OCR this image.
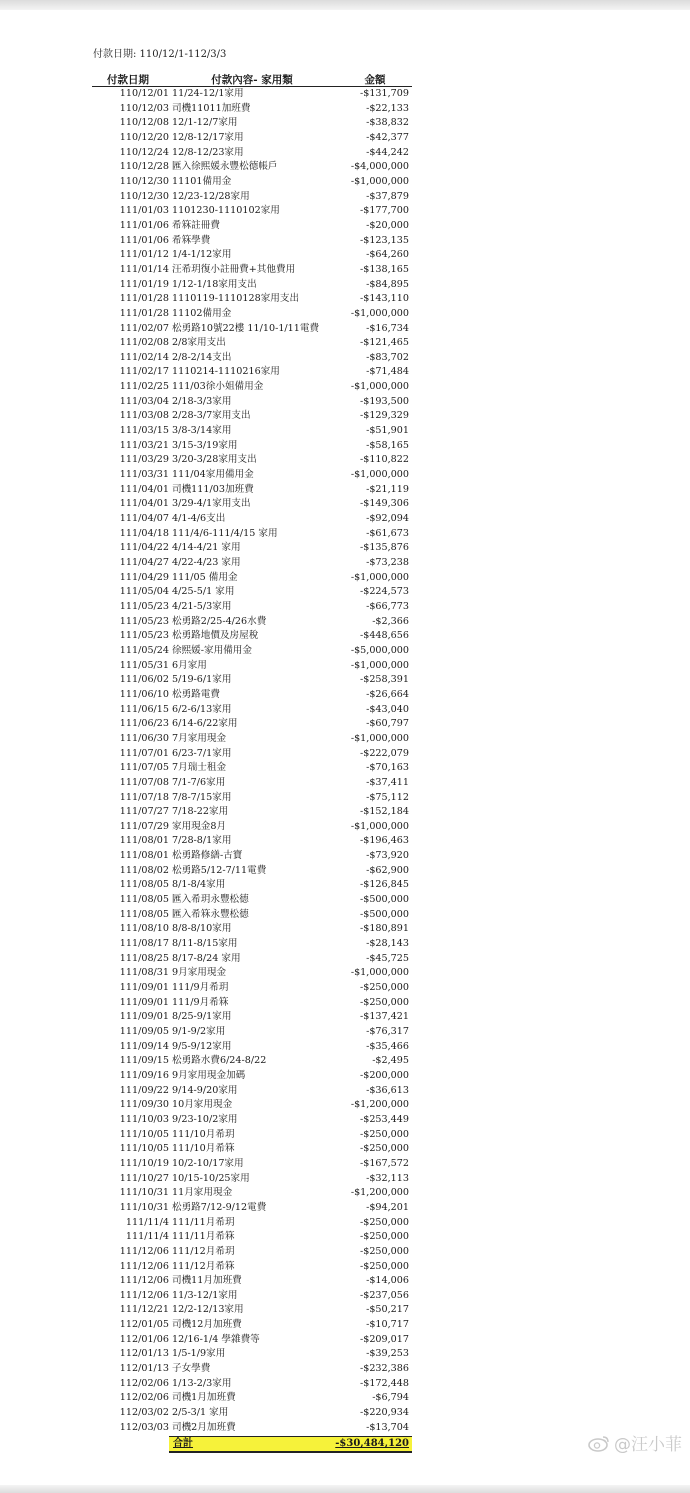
付款日期: 110/12/1-112/3/3
付款日期	付款內容- 家用類	金額
110/12/01 11/24-12/1家用	-$131,709
110/12/03 司機11011加班費	-$22,133
110/12/08 12/1-12/7家用	-$38,832
110/12/20 12/8-12/17家用	-$42,377
110/12/24 12/8-12/23家用	-$44,242
110/12/28 匯入徐熙媛永豐松德帳戶	-$4,000,000
110/12/30 11101備用金	-$1,000,000
110/12/30 12/23-12/28家用	-$37,879
111/01/03 1101230-1110102家用	-$177,700
111/01/06 希箖註冊費	-$20,000
111/01/06 希箖學費	-$123,135
111/01/12 1/4-1/12家用	-$64,260
111/01/14 汪希玥復小註冊費+其他費用	-$138,165
111/01/19 1/12-1/18家用支出	-$84,895
111/01/28 1110119-1110128家用支出	-$143,110
111/01/28 11102備用金	-$1,000,000
111/02/07 松勇路10號22樓 11/10-1/11電費	-$16,734
111/02/08 2/8家用支出	-$121,465
111/02/14 2/8-2/14支出	-$83,702
111/02/17 1110214-1110216家用	-$71,484
111/02/25 111/03徐小姐備用金	-$1,000,000
111/03/04 2/18-3/3家用	-$193,500
111/03/08 2/28-3/7家用支出	-$129,329
111/03/15 3/8-3/14家用	-$51,901
111/03/21 3/15-3/19家用	-$58,165
111/03/29 3/20-3/28家用支出	-$110,822
111/03/31 111/04家用備用金	-$1,000,000
111/04/01 司機111/03加班費	-$21,119
111/04/01 3/29-4/1家用支出	-$149,306
111/04/07 4/1-4/6支出	-$92,094
111/04/18 111/4/6-111/4/15 家用	-$61,673
111/04/22 4/14-4/21 家用	-$135,876
111/04/27 4/22-4/23 家用	-$73,238
111/04/29 111/05 備用金	-$1,000,000
111/05/04 4/25-5/1 家用	-$224,573
111/05/23 4/21-5/3家用	-$66,773
111/05/23 松勇路2/25-4/26水費	-$2,366
111/05/23 松勇路地價及房屋稅	-$448,656
111/05/24 徐熙媛-家用備用金	-$5,000,000
111/05/31 6月家用	-$1,000,000
111/06/02 5/19-6/1家用	-$258,391
111/06/10 松勇路電費	-$26,664
111/06/15 6/2-6/13家用	-$43,040
111/06/23 6/14-6/22家用	-$60,797
111/06/30 7月家用現金	-$1,000,000
111/07/01 6/23-7/1家用	-$222,079
111/07/05 7月瑞士租金	-$70,163
111/07/08 7/1-7/6家用	-$37,411
111/07/18 7/8-7/15家用	-$75,112
111/07/27 7/18-22家用	-$152,184
111/07/29 家用現金8月	-$1,000,000
111/08/01 7/28-8/1家用	-$196,463
111/08/01 松勇路修繕-古寶	-$73,920
111/08/02 松勇路5/12-7/11電費	-$62,900
111/08/05 8/1-8/4家用	-$126,845
111/08/05 匯入希玥永豐松德	-$500,000
111/08/05 匯入希箖永豐松德	-$500,000
111/08/10 8/8-8/10家用	-$180,891
111/08/17 8/11-8/15家用	-$28,143
111/08/25 8/17-8/24 家用	-$45,725
111/08/31 9月家用現金	-$1,000,000
111/09/01 111/9月希玥	-$250,000
111/09/01 111/9月希箖	-$250,000
111/09/01 8/25-9/1家用	-$137,421
111/09/05 9/1-9/2家用	-$76,317
111/09/14 9/5-9/12家用	-$35,466
111/09/15 松勇路水費6/24-8/22	-$2,495
111/09/16 9月家用現金加碼	-$200,000
111/09/22 9/14-9/20家用	-$36,613
111/09/30 10月家用現金	-$1,200,000
111/10/03 9/23-10/2家用	-$253,449
111/10/05 111/10月希玥	-$250,000
111/10/05 111/10月希箖	-$250,000
111/10/19 10/2-10/17家用	-$167,572
111/10/27 10/15-10/25家用	-$32,113
111/10/31 11月家用現金	-$1,200,000
111/10/31 松勇路7/12-9/12電費	-$94,201
111/11/4 111/11月希玥	-$250,000
111/11/4 111/11月希箖	-$250,000
111/12/06 111/12月希玥	-$250,000
111/12/06 111/12月希箖	-$250,000
111/12/06 司機11月加班費	-$14,006
111/12/06 11/3-12/1家用	-$237,056
111/12/21 12/2-12/13家用	-$50,217
112/01/05 司機12月加班費	-$10,717
112/01/06 12/16-1/4 學雜費等	-$209,017
112/01/13 1/5-1/9家用	-$39,253
112/01/13 子女學費	-$232,386
112/02/06 1/13-2/3家用	-$172,448
112/02/06 司機1月加班費	-$6,794
112/03/02 2/5-3/1 家用	-$220,934
112/03/03 司機2月加班費	-$13,704
合計	-$30,484,120	@汪小菲
